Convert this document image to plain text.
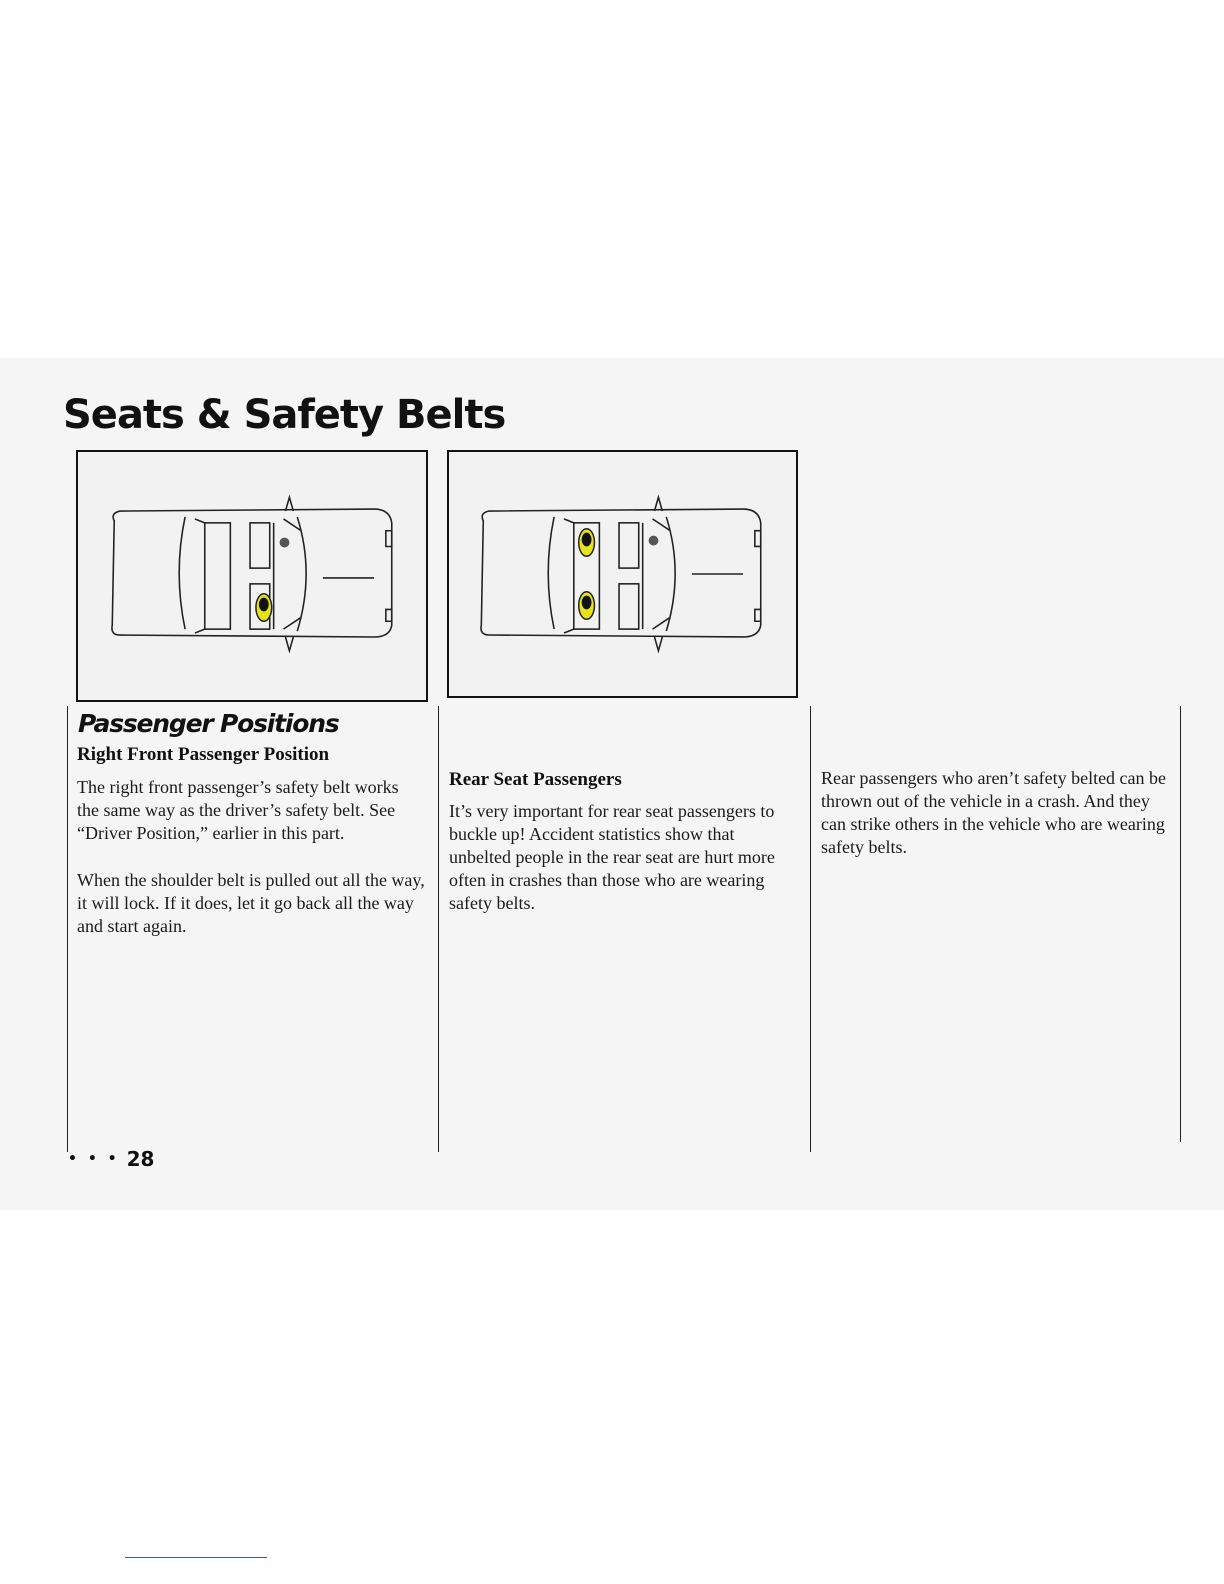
Seats & Safety Belts
Passenger Positions
Right Front Passenger Position

The right front passenger’s safety belt works the same way as the driver’s safety belt. See “Driver Position,” earlier in this part.

When the shoulder belt is pulled out all the way, it will lock. If it does, let it go back all the way and start again.

Rear Seat Passengers

It’s very important for rear seat passengers to buckle up! Accident statistics show that unbelted people in the rear seat are hurt more often in crashes than those who are wearing safety belts.

Rear passengers who aren’t safety belted can be thrown out of the vehicle in a crash. And they can strike others in the vehicle who are wearing safety belts.

• • • 28
